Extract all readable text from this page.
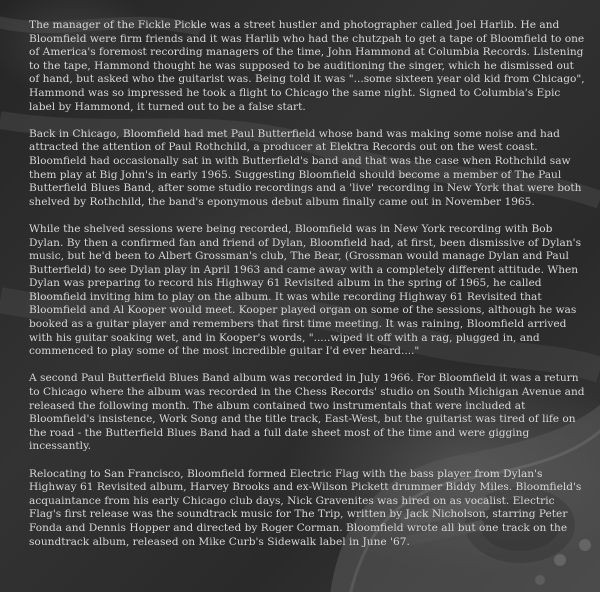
The manager of the Fickle Pickle was a street hustler and photographer called Joel Harlib. He and Bloomfield were firm friends and it was Harlib who had the chutzpah to get a tape of Bloomfield to one of America's foremost recording managers of the time, John Hammond at Columbia Records. Listening to the tape, Hammond thought he was supposed to be auditioning the singer, which he dismissed out of hand, but asked who the guitarist was. Being told it was "...some sixteen year old kid from Chicago", Hammond was so impressed he took a flight to Chicago the same night. Signed to Columbia's Epic label by Hammond, it turned out to be a false start.

Back in Chicago, Bloomfield had met Paul Butterfield whose band was making some noise and had attracted the attention of Paul Rothchild, a producer at Elektra Records out on the west coast. Bloomfield had occasionally sat in with Butterfield's band and that was the case when Rothchild saw them play at Big John's in early 1965. Suggesting Bloomfield should become a member of The Paul Butterfield Blues Band, after some studio recordings and a 'live' recording in New York that were both shelved by Rothchild, the band's eponymous debut album finally came out in November 1965.

While the shelved sessions were being recorded, Bloomfield was in New York recording with Bob Dylan. By then a confirmed fan and friend of Dylan, Bloomfield had, at first, been dismissive of Dylan's music, but he'd been to Albert Grossman's club, The Bear, (Grossman would manage Dylan and Paul Butterfield) to see Dylan play in April 1963 and came away with a completely different attitude. When Dylan was preparing to record his Highway 61 Revisited album in the spring of 1965, he called Bloomfield inviting him to play on the album. It was while recording Highway 61 Revisited that Bloomfield and Al Kooper would meet. Kooper played organ on some of the sessions, although he was booked as a guitar player and remembers that first time meeting. It was raining, Bloomfield arrived with his guitar soaking wet, and in Kooper's words, ".....wiped it off with a rag, plugged in, and commenced to play some of the most incredible guitar I'd ever heard...."

A second Paul Butterfield Blues Band album was recorded in July 1966. For Bloomfield it was a return to Chicago where the album was recorded in the Chess Records' studio on South Michigan Avenue and released the following month. The album contained two instrumentals that were included at Bloomfield's insistence, Work Song and the title track, East-West, but the guitarist was tired of life on the road - the Butterfield Blues Band had a full date sheet most of the time and were gigging incessantly.

Relocating to San Francisco, Bloomfield formed Electric Flag with the bass player from Dylan's Highway 61 Revisited album, Harvey Brooks and ex-Wilson Pickett drummer Biddy Miles. Bloomfield's acquaintance from his early Chicago club days, Nick Gravenites was hired on as vocalist. Electric Flag's first release was the soundtrack music for The Trip, written by Jack Nicholson, starring Peter Fonda and Dennis Hopper and directed by Roger Corman. Bloomfield wrote all but one track on the soundtrack album, released on Mike Curb's Sidewalk label in June '67.
